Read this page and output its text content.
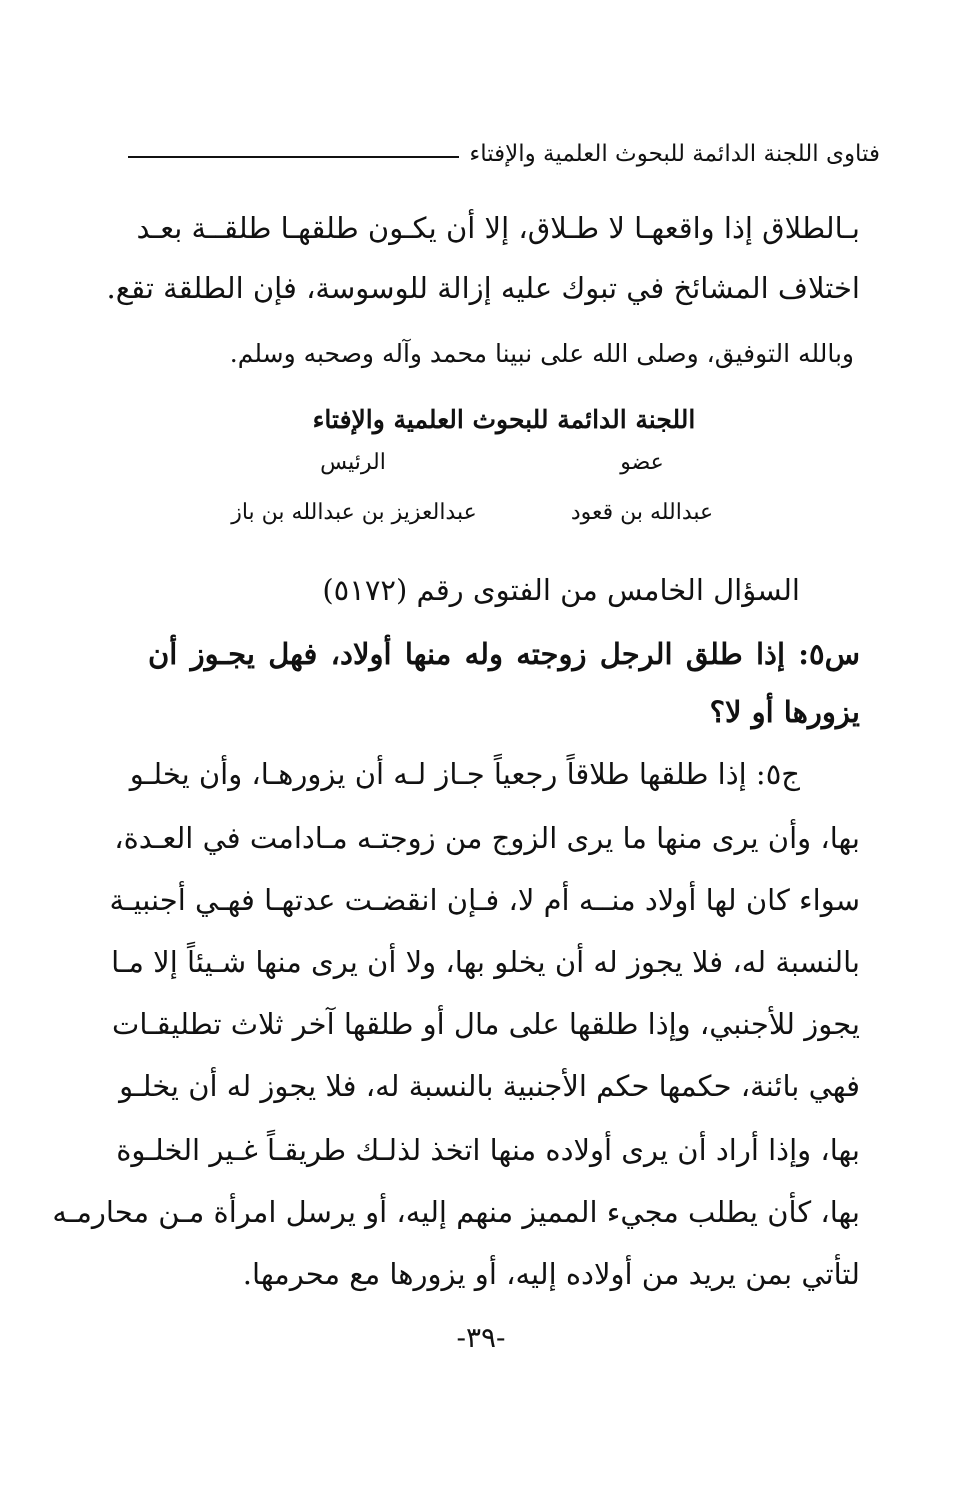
فتاوى اللجنة الدائمة للبحوث العلمية والإفتاء
بـالطلاق إذا واقعهـا لا طـلاق، إلا أن يكـون طلقهـا طلقــة بعـد
اختلاف المشائخ في تبوك عليه إزالة للوسوسة، فإن الطلقة تقع.
وبالله التوفيق، وصلى الله على نبينا محمد وآله وصحبه وسلم.
اللجنة الدائمة للبحوث العلمية والإفتاء
عضو
عبدالله بن قعود
الرئيس
عبدالعزيز بن عبدالله بن باز
السؤال الخامس من الفتوى رقم (٥١٧٢)
س٥: إذا طلق الرجل زوجته وله منها أولاد، فهل يجـوز أن
يزورها أو لا؟
ج٥: إذا طلقها طلاقاً رجعياً جـاز لـه أن يزورهـا، وأن يخلـو
بها، وأن يرى منها ما يرى الزوج من زوجتـه مـادامت في العـدة،
سواء كان لها أولاد منــه أم لا، فـإن انقضـت عدتهـا فهـي أجنبيـة
بالنسبة له، فلا يجوز له أن يخلو بها، ولا أن يرى منها شـيئاً إلا مـا
يجوز للأجنبي، وإذا طلقها على مال أو طلقها آخر ثلاث تطليقـات
فهي بائنة، حكمها حكم الأجنبية بالنسبة له، فلا يجوز له أن يخلـو
بها، وإذا أراد أن يرى أولاده منها اتخذ لذلـك طريقـاً غـير الخلـوة
بها، كأن يطلب مجيء المميز منهم إليه، أو يرسل امرأة مـن محارمـه
لتأتي بمن يريد من أولاده إليه، أو يزورها مع محرمها.
-٣٩-
